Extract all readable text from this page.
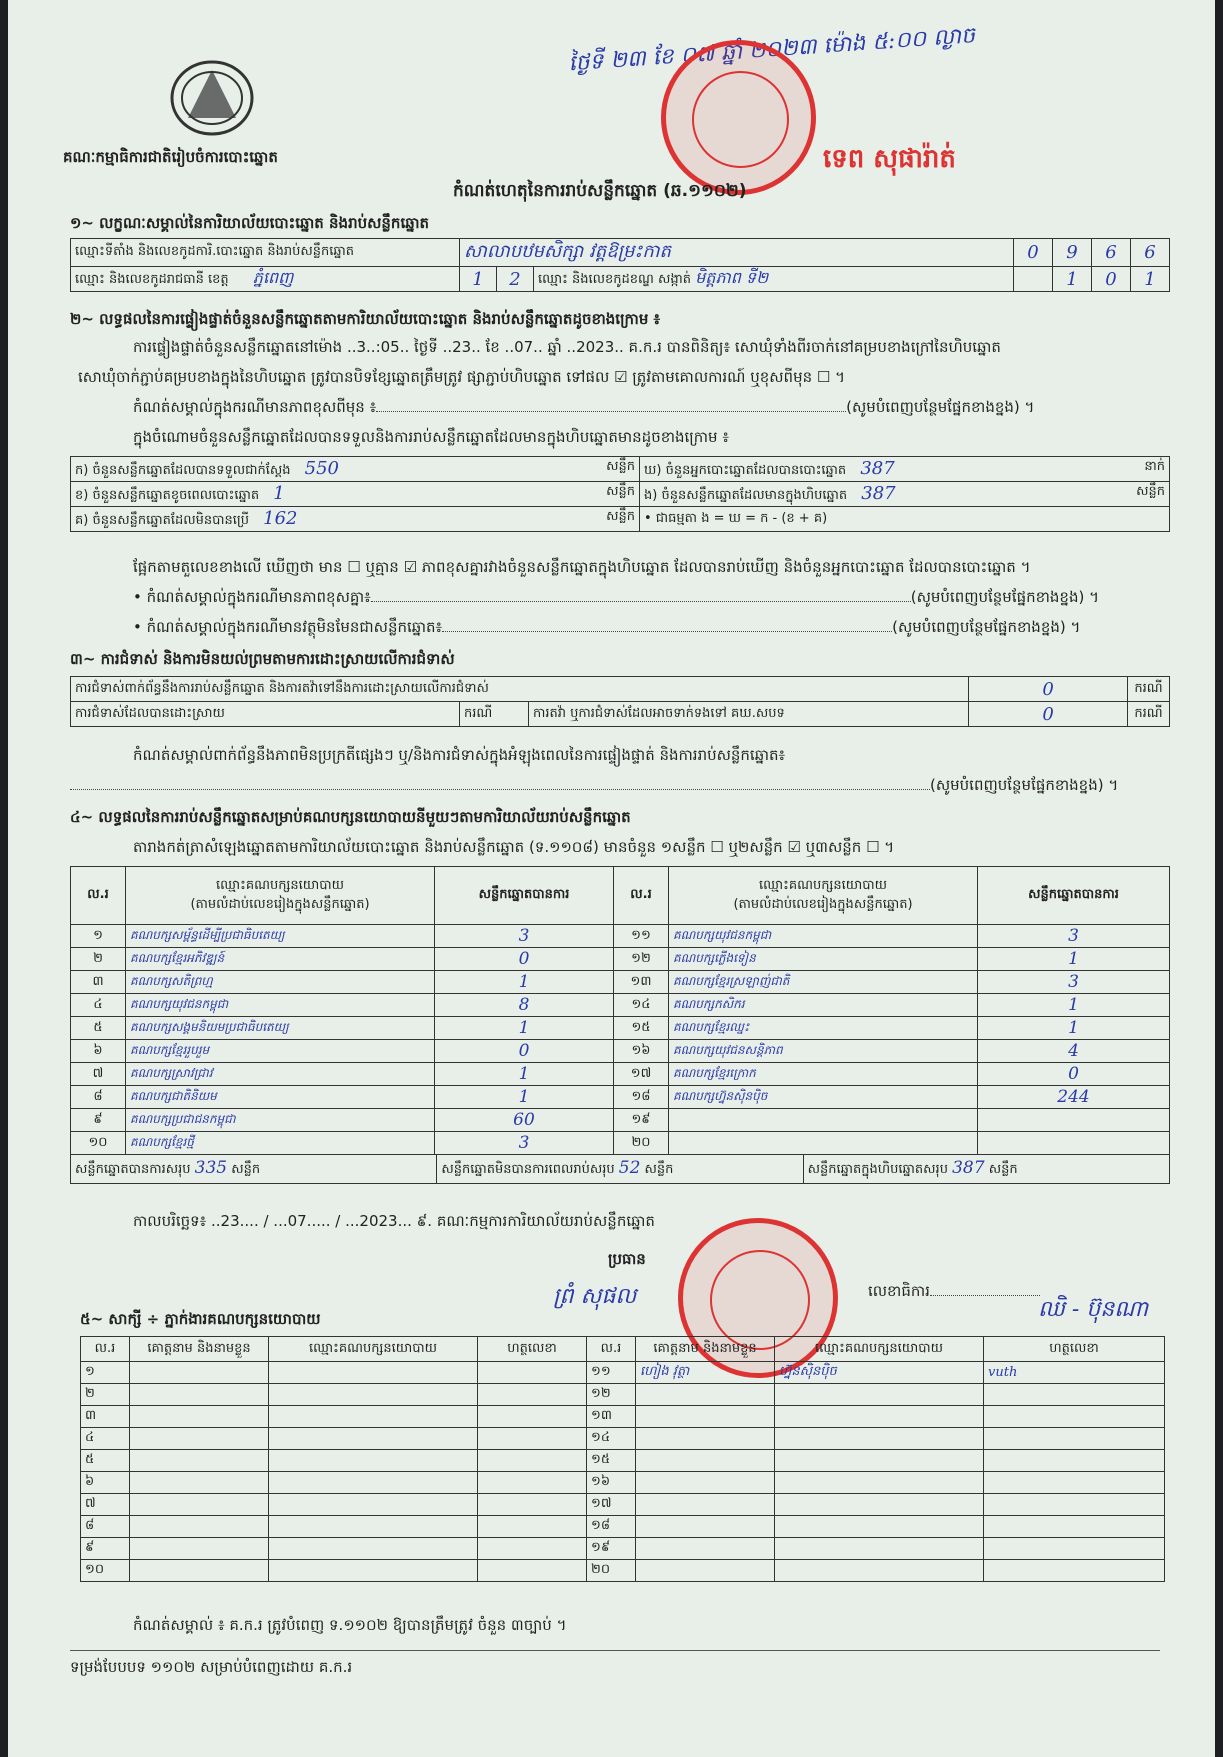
គណៈកម្មាធិការជាតិរៀបចំការបោះឆ្នោត
ថ្ងៃទី ២៣ ខែ ០៧ ឆ្នាំ ២០២៣ ម៉ោង ៥:០០ ល្ងាច
ទេព សុផារ៉ាត់
កំណត់ហេតុនៃការរាប់សន្លឹកឆ្នោត (ឆ.១១០២)
១~ លក្ខណៈសម្គាល់នៃការិយាល័យបោះឆ្នោត និងរាប់សន្លឹកឆ្នោត
ឈ្មោះទីតាំង និងលេខកូដការិ.បោះឆ្នោត និងរាប់សន្លឹកឆ្នោត	សាលាបឋមសិក្សា វត្តឱម្រះកាត			0	9	6	6
ឈ្មោះ និងលេខកូដរាជធានី ខេត្ត ភ្នំពេញ	1	2	ឈ្មោះ និងលេខកូដខណ្ឌ សង្កាត់ មិត្តភាព ទី២		1	0	1
២~ លទ្ធផលនៃការផ្ទៀងផ្ទាត់ចំនួនសន្លឹកឆ្នោតតាមការិយាល័យបោះឆ្នោត និងរាប់សន្លឹកឆ្នោតដូចខាងក្រោម ៖
ការផ្ទៀងផ្ទាត់ចំនួនសន្លឹកឆ្នោតនៅម៉ោង ..3..:05.. ថ្ងៃទី ..23.. ខែ ..07.. ឆ្នាំ ..2023.. គ.ក.រ បានពិនិត្យ៖ សោឃុំទាំងពីរចាក់នៅគម្របខាងក្រៅនៃហិបឆ្នោត
សោឃុំចាក់ភ្ជាប់គម្របខាងក្នុងនៃហិបឆ្នោត ត្រូវបានបិទខ្សែឆ្នោតត្រឹមត្រូវ ផ្សាភ្ជាប់ហិបឆ្នោត ទៅផល ☑ ត្រូវតាមគោលការណ៍ ឬខុសពីមុន ☐ ។
កំណត់សម្គាល់ក្នុងករណីមានភាពខុសពីមុន ៖	(សូមបំពេញបន្ថែមផ្នែកខាងខ្នង) ។
ក្នុងចំណោមចំនួនសន្លឹកឆ្នោតដែលបានទទួលនិងការរាប់សន្លឹកឆ្នោតដែលមានក្នុងហិបឆ្នោតមានដូចខាងក្រោម ៖
ក) ចំនួនសន្លឹកឆ្នោតដែលបានទទួលជាក់ស្តែង 550 សន្លឹក	ឃ) ចំនួនអ្នកបោះឆ្នោតដែលបានបោះឆ្នោត 387 នាក់

ខ) ចំនួនសន្លឹកឆ្នោតខូចពេលបោះឆ្នោត 1 សន្លឹក	ង) ចំនួនសន្លឹកឆ្នោតដែលមានក្នុងហិបឆ្នោត 387 សន្លឹក

គ) ចំនួនសន្លឹកឆ្នោតដែលមិនបានប្រើ 162 សន្លឹក	• ជាធម្មតា ង = ឃ = ក - (ខ + គ)
ផ្អែកតាមតួលេខខាងលើ ឃើញថា មាន ☐ ឬគ្មាន ☑ ភាពខុសគ្នារវាងចំនួនសន្លឹកឆ្នោតក្នុងហិបឆ្នោត ដែលបានរាប់ឃើញ និងចំនួនអ្នកបោះឆ្នោត ដែលបានបោះឆ្នោត ។
• កំណត់សម្គាល់ក្នុងករណីមានភាពខុសគ្នា៖	(សូមបំពេញបន្ថែមផ្នែកខាងខ្នង) ។
• កំណត់សម្គាល់ក្នុងករណីមានវត្ថុមិនមែនជាសន្លឹកឆ្នោត៖	(សូមបំពេញបន្ថែមផ្នែកខាងខ្នង) ។
៣~ ការជំទាស់ និងការមិនយល់ព្រមតាមការដោះស្រាយលើការជំទាស់
ការជំទាស់ពាក់ព័ន្ធនឹងការរាប់សន្លឹកឆ្នោត និងការតវ៉ាទៅនឹងការដោះស្រាយលើការជំទាស់			0	ករណី
ការជំទាស់ដែលបានដោះស្រាយ	ករណី	ការតវ៉ា ឬការជំទាស់ដែលអាចទាក់ទងទៅ គឃ.សបទ	0	ករណី
កំណត់សម្គាល់ពាក់ព័ន្ធនឹងភាពមិនប្រក្រតីផ្សេងៗ ឬ/និងការជំទាស់ក្នុងអំឡុងពេលនៃការផ្ទៀងផ្ទាត់ និងការរាប់សន្លឹកឆ្នោត៖
(សូមបំពេញបន្ថែមផ្នែកខាងខ្នង) ។
៤~ លទ្ធផលនៃការរាប់សន្លឹកឆ្នោតសម្រាប់គណបក្សនយោបាយនីមួយៗតាមការិយាល័យរាប់សន្លឹកឆ្នោត
តារាងកត់ត្រាសំឡេងឆ្នោតតាមការិយាល័យបោះឆ្នោត និងរាប់សន្លឹកឆ្នោត (ទ.១១០៨) មានចំនួន ១សន្លឹក ☐ ឬ២សន្លឹក ☑ ឬ៣សន្លឹក ☐ ។
ល.រ	ឈ្មោះគណបក្សនយោបាយ
(តាមលំដាប់លេខរៀងក្នុងសន្លឹកឆ្នោត)	សន្លឹកឆ្នោតបានការ	ល.រ	ឈ្មោះគណបក្សនយោបាយ
(តាមលំដាប់លេខរៀងក្នុងសន្លឹកឆ្នោត)	សន្លឹកឆ្នោតបានការ
១	គណបក្សសម្ព័ន្ធដើម្បីប្រជាធិបតេយ្យ	3	១១	គណបក្សយុវជនកម្ពុជា	3
២	គណបក្សខ្មែរអភិវឌ្ឍន៍	0	១២	គណបក្សភ្លើងទៀន	1
៣	គណបក្សសតិព្រហ្ម	1	១៣	គណបក្សខ្មែរស្រឡាញ់ជាតិ	3
៤	គណបក្សយុវជនកម្ពុជា	8	១៤	គណបក្សកសិករ	1
៥	គណបក្សសង្គមនិយមប្រជាធិបតេយ្យ	1	១៥	គណបក្សខ្មែរឈ្នះ	1
៦	គណបក្សខ្មែររួបរួម	0	១៦	គណបក្សយុវជនសន្តិភាព	4
៧	គណបក្សស្រាវជ្រាវ	1	១៧	គណបក្សខ្មែរក្រោក	0
៨	គណបក្សជាតិនិយម	1	១៨	គណបក្សហ្វ៊ុនស៊ិនប៉ិច	244
៩	គណបក្សប្រជាជនកម្ពុជា	60	១៩		
១០	គណបក្សខ្មែរថ្មី	3	២០		

សន្លឹកឆ្នោតបានការសរុប 335 សន្លឹក សន្លឹកឆ្នោតមិនបានការពេលរាប់សរុប 52 សន្លឹក សន្លឹកឆ្នោតក្នុងហិបឆ្នោតសរុប 387 សន្លឹក					
កាលបរិច្ឆេទ៖ ..23.... / ...07..... / ...2023... ៩. គណៈកម្មការការិយាល័យរាប់សន្លឹកឆ្នោត
ប្រធាន
ព្រំ សុផល	លេខាធិការ
ឈិ - ប៊ុនណា
៥~ សាក្សី ÷ ភ្នាក់ងារគណបក្សនយោបាយ
ល.រ	គោត្តនាម និងនាមខ្លួន	ឈ្មោះគណបក្សនយោបាយ	ហត្ថលេខា	ល.រ	គោត្តនាម និងនាមខ្លួន	ឈ្មោះគណបក្សនយោបាយ	ហត្ថលេខា
១				១១	ហៀង វុត្ថា	ហ្វ៊ុនស៊ិនប៉ិច	vuth
២				១២			
៣				១៣			
៤				១៤			
៥				១៥			
៦				១៦			
៧				១៧			
៨				១៨			
៩				១៩			
១០				២០			
កំណត់សម្គាល់ ៖ គ.ក.រ ត្រូវបំពេញ ទ.១១០២ ឱ្យបានត្រឹមត្រូវ ចំនួន ៣ច្បាប់ ។
ទម្រង់បែបបទ ១១០២ សម្រាប់បំពេញដោយ គ.ក.រ
